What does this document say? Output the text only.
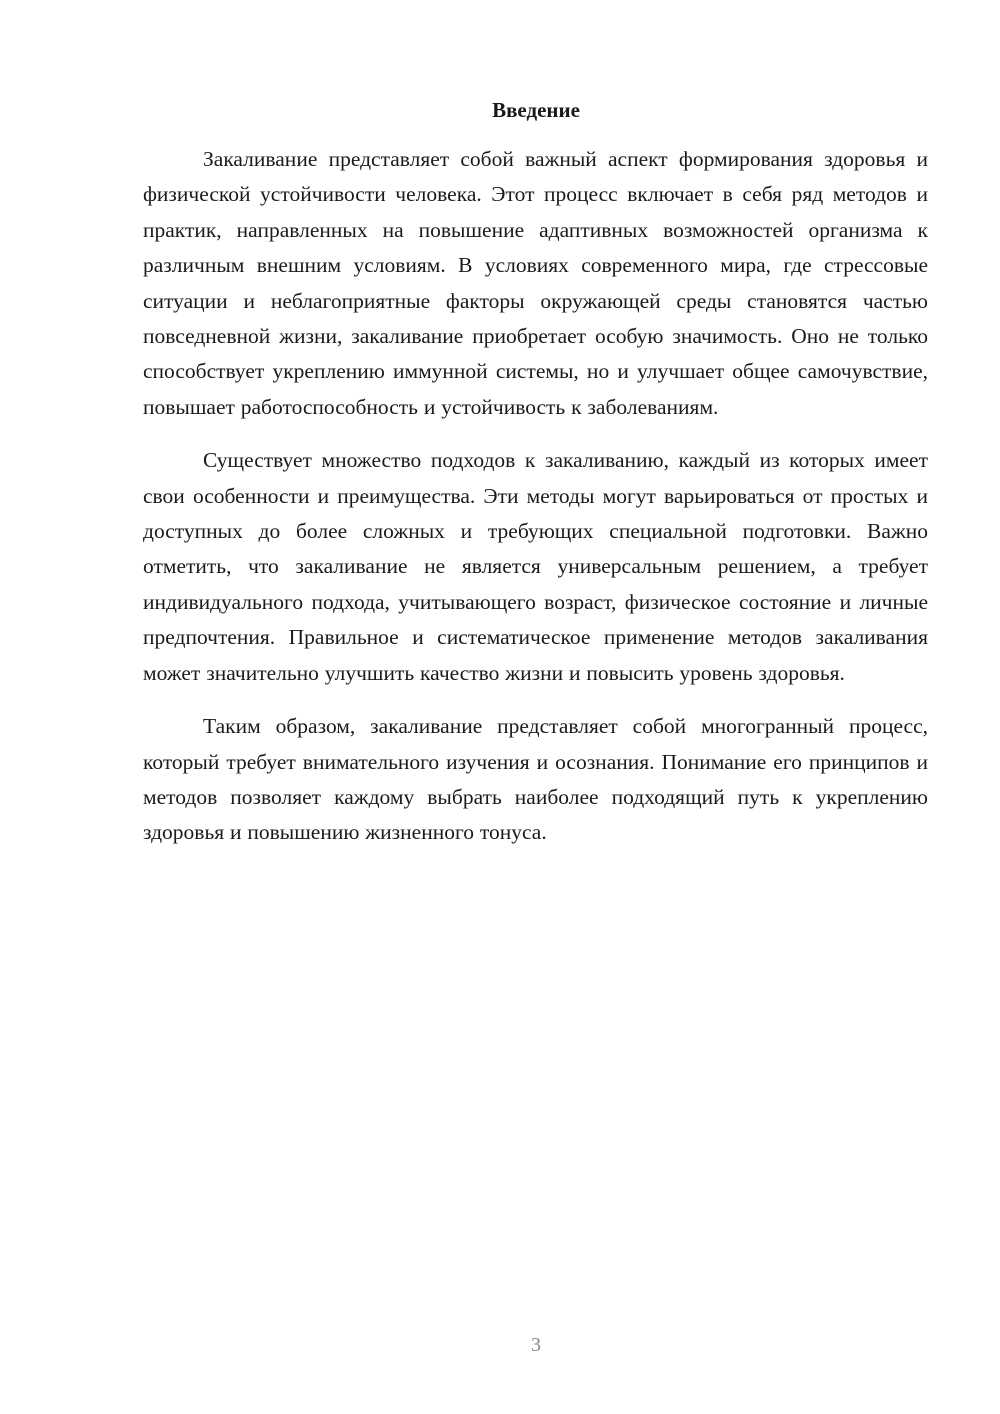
Введение

Закаливание представляет собой важный аспект формирования здоровья и физической устойчивости человека. Этот процесс включает в себя ряд методов и практик, направленных на повышение адаптивных возможностей организма к различным внешним условиям. В условиях современного мира, где стрессовые ситуации и неблагоприятные факторы окружающей среды становятся частью повседневной жизни, закаливание приобретает особую значимость. Оно не только способствует укреплению иммунной системы, но и улучшает общее самочувствие, повышает работоспособность и устойчивость к заболеваниям.

Существует множество подходов к закаливанию, каждый из которых имеет свои особенности и преимущества. Эти методы могут варьироваться от простых и доступных до более сложных и требующих специальной подготовки. Важно отметить, что закаливание не является универсальным решением, а требует индивидуального подхода, учитывающего возраст, физическое состояние и личные предпочтения. Правильное и систематическое применение методов закаливания может значительно улучшить качество жизни и повысить уровень здоровья.

Таким образом, закаливание представляет собой многогранный процесс, который требует внимательного изучения и осознания. Понимание его принципов и методов позволяет каждому выбрать наиболее подходящий путь к укреплению здоровья и повышению жизненного тонуса.

3
